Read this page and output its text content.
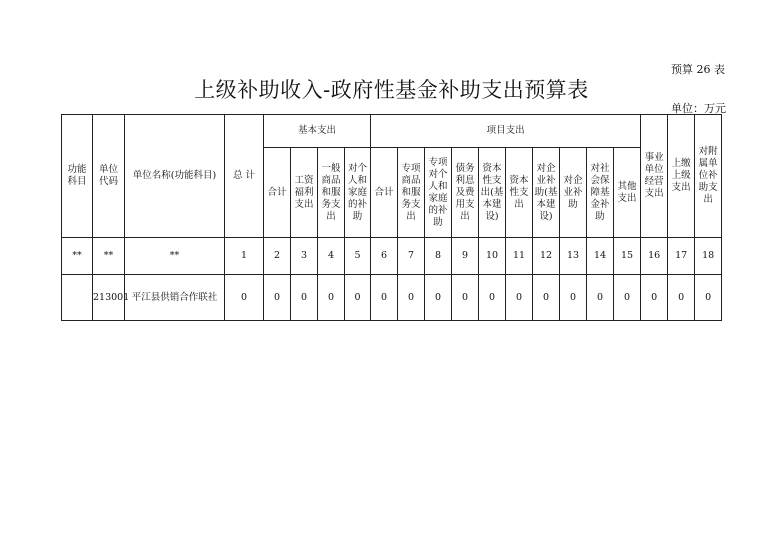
预算 26 表
上级补助收入-政府性基金补助支出预算表
单位：万元
功能科目	单位代码	单位名称(功能科目)	总 计	基本支出				项目支出										事业单位经营支出	上缴上级支出	对附属单位补助支出
				合计	工资福利支出	一般商品和服务支出	对个人和家庭的补助	合计	专项商品和服务支出	专项对个人和家庭的补助	债务利息及费用支出	资本性支出(基本建设)	资本性支出	对企业补助(基本建设)	对企业补助	对社会保障基金补助	其他支出			
**	**	**	1	2	3	4	5	6	7	8	9	10	11	12	13	14	15	16	17	18
	213001	平江县供销合作联社	0	0	0	0	0	0	0	0	0	0	0	0	0	0	0	0	0	0
